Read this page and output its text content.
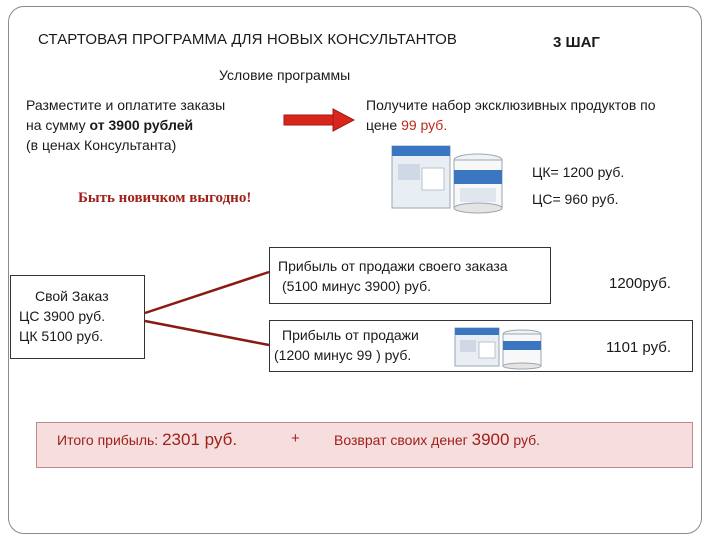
СТАРТОВАЯ ПРОГРАММА ДЛЯ НОВЫХ КОНСУЛЬТАНТОВ	3 ШАГ
Условие программы
Разместите и оплатите заказы
на сумму от 3900 рублей
(в ценах Консультанта)
Получите набор эксклюзивных продуктов по
цене 99 руб.
Быть новичком выгодно!
ЦК= 1200 руб.
ЦС= 960 руб.
Свой Заказ
ЦС 3900 руб.
ЦК 5100 руб.
Прибыль от продажи своего заказа
(5100 минус 3900) руб.	1200руб.
Прибыль от продажи
(1200 минус 99 ) руб.	1101 руб.
Итого прибыль: 2301 руб.	+ Возврат своих денег 3900 руб.
